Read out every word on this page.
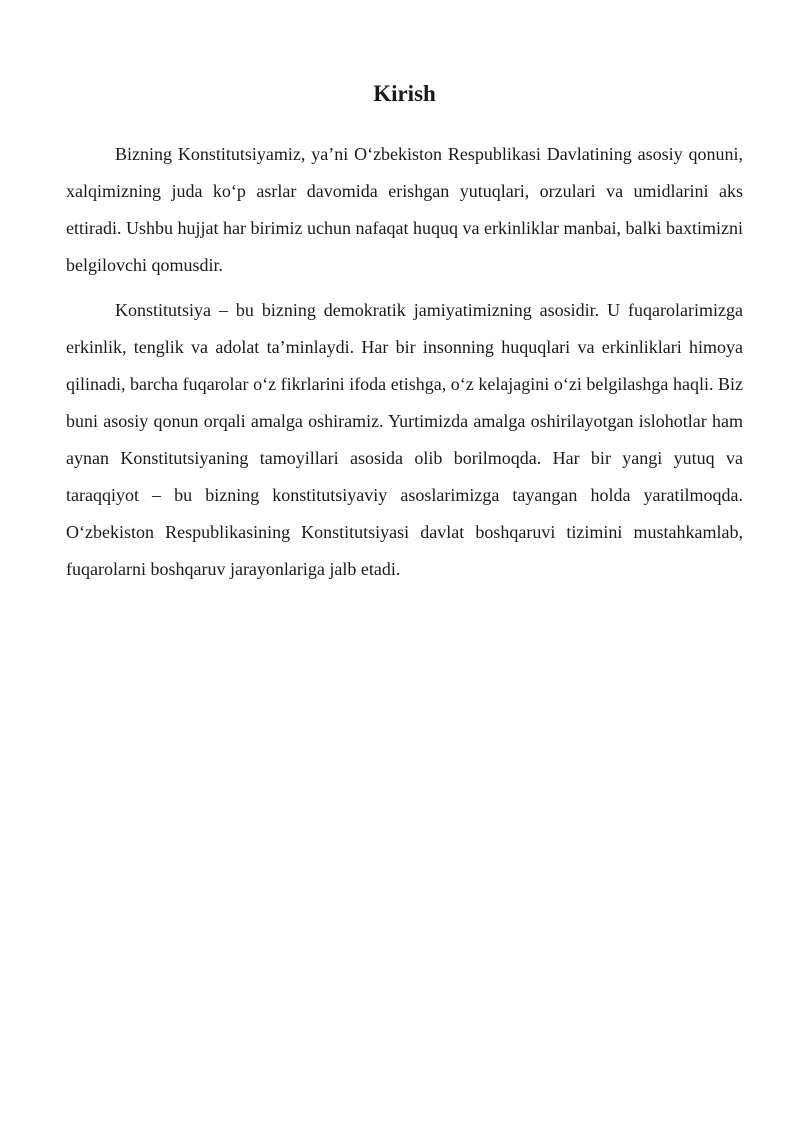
Kirish

Bizning Konstitutsiyamiz, ya’ni O‘zbekiston Respublikasi Davlatining asosiy qonuni, xalqimizning juda ko‘p asrlar davomida erishgan yutuqlari, orzulari va umidlarini aks ettiradi. Ushbu hujjat har birimiz uchun nafaqat huquq va erkinliklar manbai, balki baxtimizni belgilovchi qomusdir.

Konstitutsiya – bu bizning demokratik jamiyatimizning asosidir. U fuqarolarimizga erkinlik, tenglik va adolat ta’minlaydi. Har bir insonning huquqlari va erkinliklari himoya qilinadi, barcha fuqarolar o‘z fikrlarini ifoda etishga, o‘z kelajagini o‘zi belgilashga haqli. Biz buni asosiy qonun orqali amalga oshiramiz. Yurtimizda amalga oshirilayotgan islohotlar ham aynan Konstitutsiyaning tamoyillari asosida olib borilmoqda. Har bir yangi yutuq va taraqqiyot – bu bizning konstitutsiyaviy asoslarimizga tayangan holda yaratilmoqda. O‘zbekiston Respublikasining Konstitutsiyasi davlat boshqaruvi tizimini mustahkamlab, fuqarolarni boshqaruv jarayonlariga jalb etadi.
